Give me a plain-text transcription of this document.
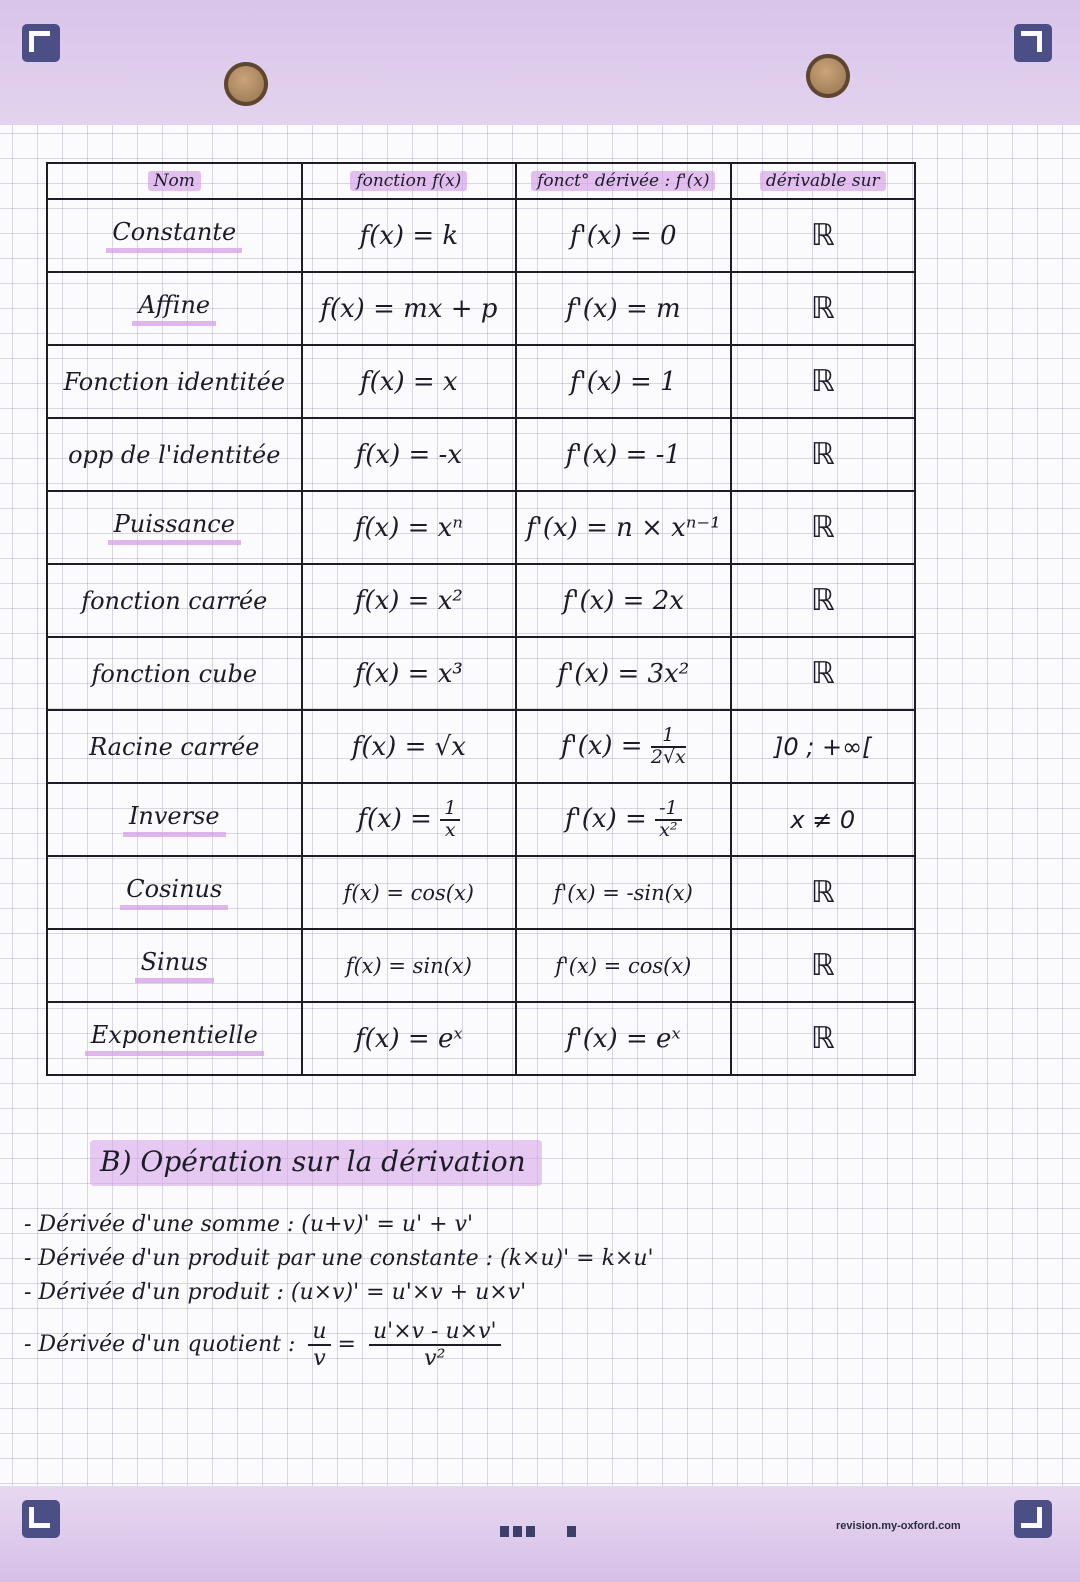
Nom	fonction f(x)	fonct° dérivée : f'(x)	dérivable sur
Constante	f(x) = k	f'(x) = 0	ℝ
Affine	f(x) = mx + p	f'(x) = m	ℝ
Fonction identitée	f(x) = x	f'(x) = 1	ℝ
opp de l'identitée	f(x) = -x	f'(x) = -1	ℝ
Puissance	f(x) = xⁿ	f'(x) = n × xⁿ⁻¹	ℝ
fonction carrée	f(x) = x²	f'(x) = 2x	ℝ
fonction cube	f(x) = x³	f'(x) = 3x²	ℝ
Racine carrée	f(x) = √x	$f'(x) = \frac{1}{2√x}$	]0 ; +∞[
Inverse	$f(x) = \frac{1}{x}$	$f'(x) = \frac{-1}{\text{x²}}$	x ≠ 0
Cosinus	f(x) = cos(x)	f'(x) = -sin(x)	ℝ
Sinus	f(x) = sin(x)	f'(x) = cos(x)	ℝ
Exponentielle	f(x) = eˣ	f'(x) = eˣ	ℝ
B) Opération sur la dérivation
- Dérivée d'une somme : (u+v)' = u' + v'
- Dérivée d'un produit par une constante : (k×u)' = k×u'
- Dérivée d'un produit : (u×v)' = u'×v + u×v'
- Dérivée d'un quotient : $\frac{u}{v} = \frac{u'\times v - u\times v'}{\text{v²}}$
revision.my-oxford.com
